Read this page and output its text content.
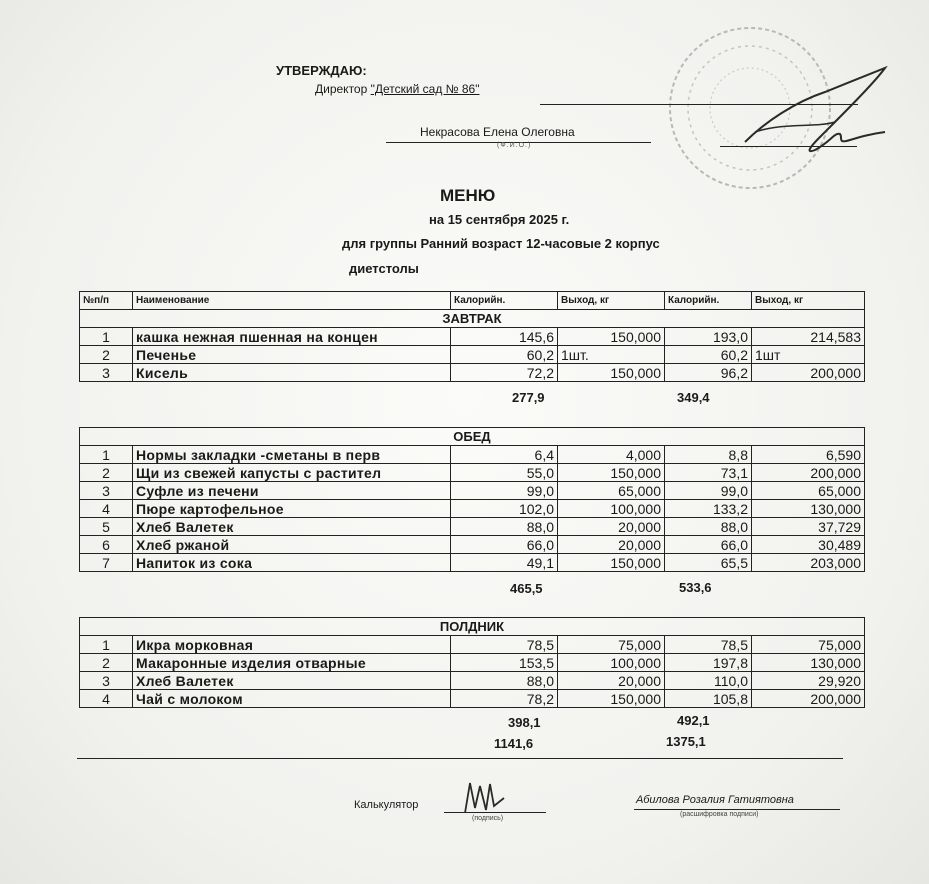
УТВЕРЖДАЮ:
Директор "Детский сад № 86"
Некрасова Елена Олеговна
(Ф.И.О.)
МЕНЮ
на 15 сентября 2025 г.
для группы Ранний возраст 12-часовые 2 корпус
диетстолы
№п/п	Наименование	Калорийн.	Выход, кг	Калорийн.	Выход, кг
ЗАВТРАК					
1	кашка нежная пшенная на концен	145,6	150,000	193,0	214,583
2	Печенье	60,2	1шт.	60,2	1шт
3	Кисель	72,2	150,000	96,2	200,000
277,9	349,4
ОБЕД					
1	Нормы закладки -сметаны в перв	6,4	4,000	8,8	6,590
2	Щи из свежей капусты с растител	55,0	150,000	73,1	200,000
3	Суфле из печени	99,0	65,000	99,0	65,000
4	Пюре картофельное	102,0	100,000	133,2	130,000
5	Хлеб Валетек	88,0	20,000	88,0	37,729
6	Хлеб ржаной	66,0	20,000	66,0	30,489
7	Напиток из сока	49,1	150,000	65,5	203,000
465,5	533,6
ПОЛДНИК					
1	Икра морковная	78,5	75,000	78,5	75,000
2	Макаронные изделия отварные	153,5	100,000	197,8	130,000
3	Хлеб Валетек	88,0	20,000	110,0	29,920
4	Чай с молоком	78,2	150,000	105,8	200,000
398,1	492,1
1141,6	1375,1
Калькулятор
(подпись)
Абилова Розалия Гатиятовна
(расшифровка подписи)
